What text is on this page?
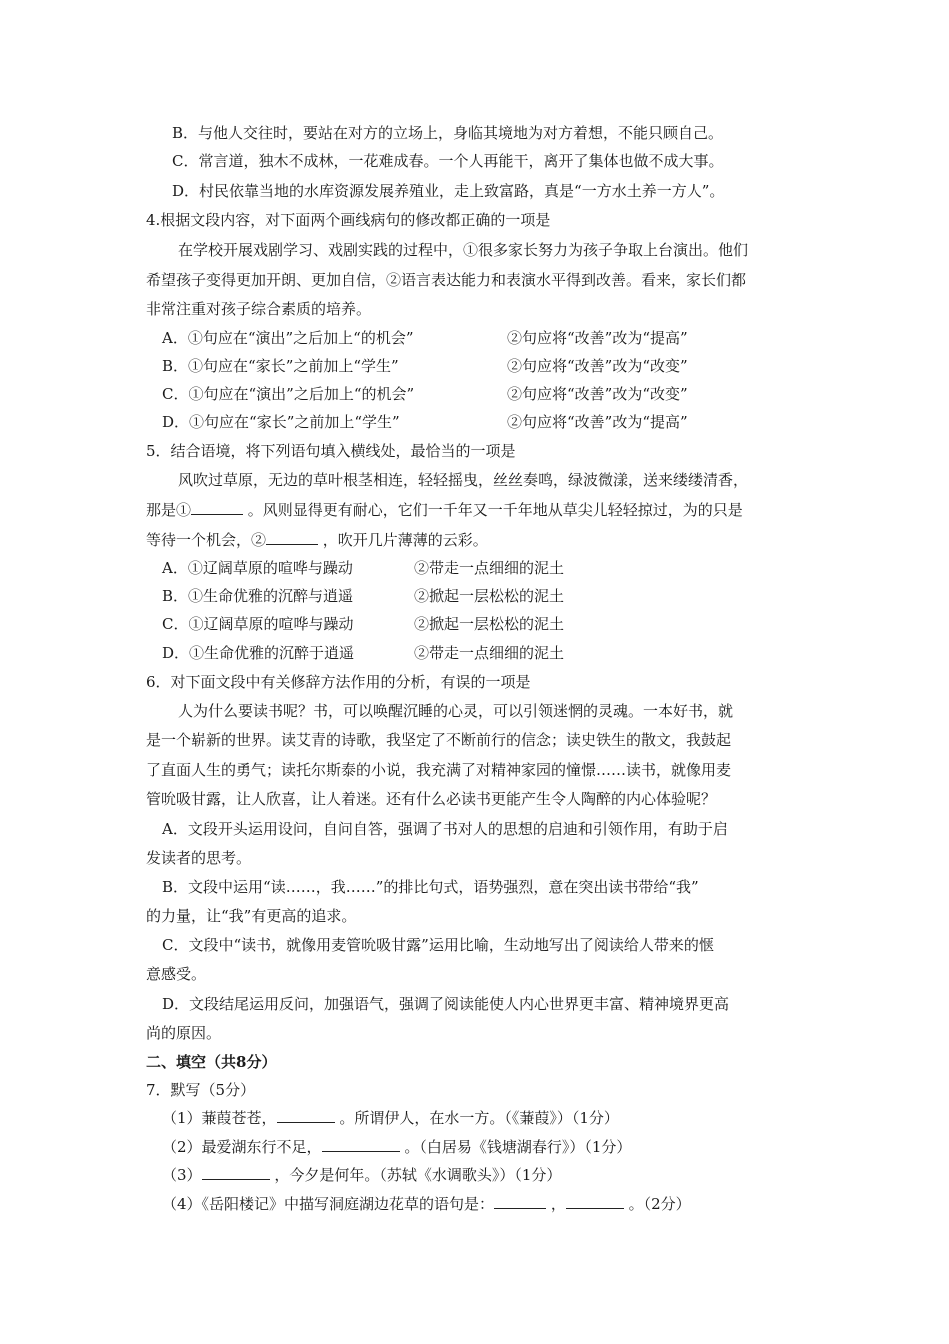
B．与他人交往时，要站在对方的立场上，身临其境地为对方着想，不能只顾自己。
C．常言道，独木不成林，一花难成春。一个人再能干，离开了集体也做不成大事。
D．村民依靠当地的水库资源发展养殖业，走上致富路，真是“一方水土养一方人”。
4.根据文段内容，对下面两个画线病句的修改都正确的一项是
在学校开展戏剧学习、戏剧实践的过程中，①很多家长努力为孩子争取上台演出。他们
希望孩子变得更加开朗、更加自信，②语言表达能力和表演水平得到改善。看来，家长们都
非常注重对孩子综合素质的培养。
A．①句应在“演出”之后加上“的机会”	②句应将“改善”改为“提高”
B．①句应在“家长”之前加上“学生”	②句应将“改善”改为“改变”
C．①句应在“演出”之后加上“的机会”	②句应将“改善”改为“改变”
D．①句应在“家长”之前加上“学生”	②句应将“改善”改为“提高”
5．结合语境，将下列语句填入横线处，最恰当的一项是
风吹过草原，无边的草叶根茎相连，轻轻摇曳，丝丝奏鸣，绿波微漾，送来缕缕清香，
那是①	。风则显得更有耐心，它们一千年又一千年地从草尖儿轻轻掠过，为的只是
等待一个机会，②	，吹开几片薄薄的云彩。
A．①辽阔草原的喧哗与躁动	②带走一点细细的泥土
B．①生命优雅的沉醉与逍遥	②掀起一层松松的泥土
C．①辽阔草原的喧哗与躁动	②掀起一层松松的泥土
D．①生命优雅的沉醉于逍遥	②带走一点细细的泥土
6．对下面文段中有关修辞方法作用的分析，有误的一项是
人为什么要读书呢？书，可以唤醒沉睡的心灵，可以引领迷惘的灵魂。一本好书，就
是一个崭新的世界。读艾青的诗歌，我坚定了不断前行的信念；读史铁生的散文，我鼓起
了直面人生的勇气；读托尔斯泰的小说，我充满了对精神家园的憧憬……读书，就像用麦
管吮吸甘露，让人欣喜，让人着迷。还有什么必读书更能产生令人陶醉的内心体验呢？
A．文段开头运用设问，自问自答，强调了书对人的思想的启迪和引领作用，有助于启
发读者的思考。
B．文段中运用“读……，我……”的排比句式，语势强烈，意在突出读书带给“我”
的力量，让“我”有更高的追求。
C．文段中“读书，就像用麦管吮吸甘露”运用比喻，生动地写出了阅读给人带来的惬
意感受。
D．文段结尾运用反问，加强语气，强调了阅读能使人内心世界更丰富、精神境界更高
尚的原因。
二、填空（共8分）
7．默写（5分）
（1）蒹葭苍苍，	。所谓伊人，在水一方。（《蒹葭》）（1分）
（2）最爱湖东行不足，	。（白居易《钱塘湖春行》）（1分）
（3）	，今夕是何年。（苏轼《水调歌头》）（1分）
（4）《岳阳楼记》中描写洞庭湖边花草的语句是：	，	。（2分）
